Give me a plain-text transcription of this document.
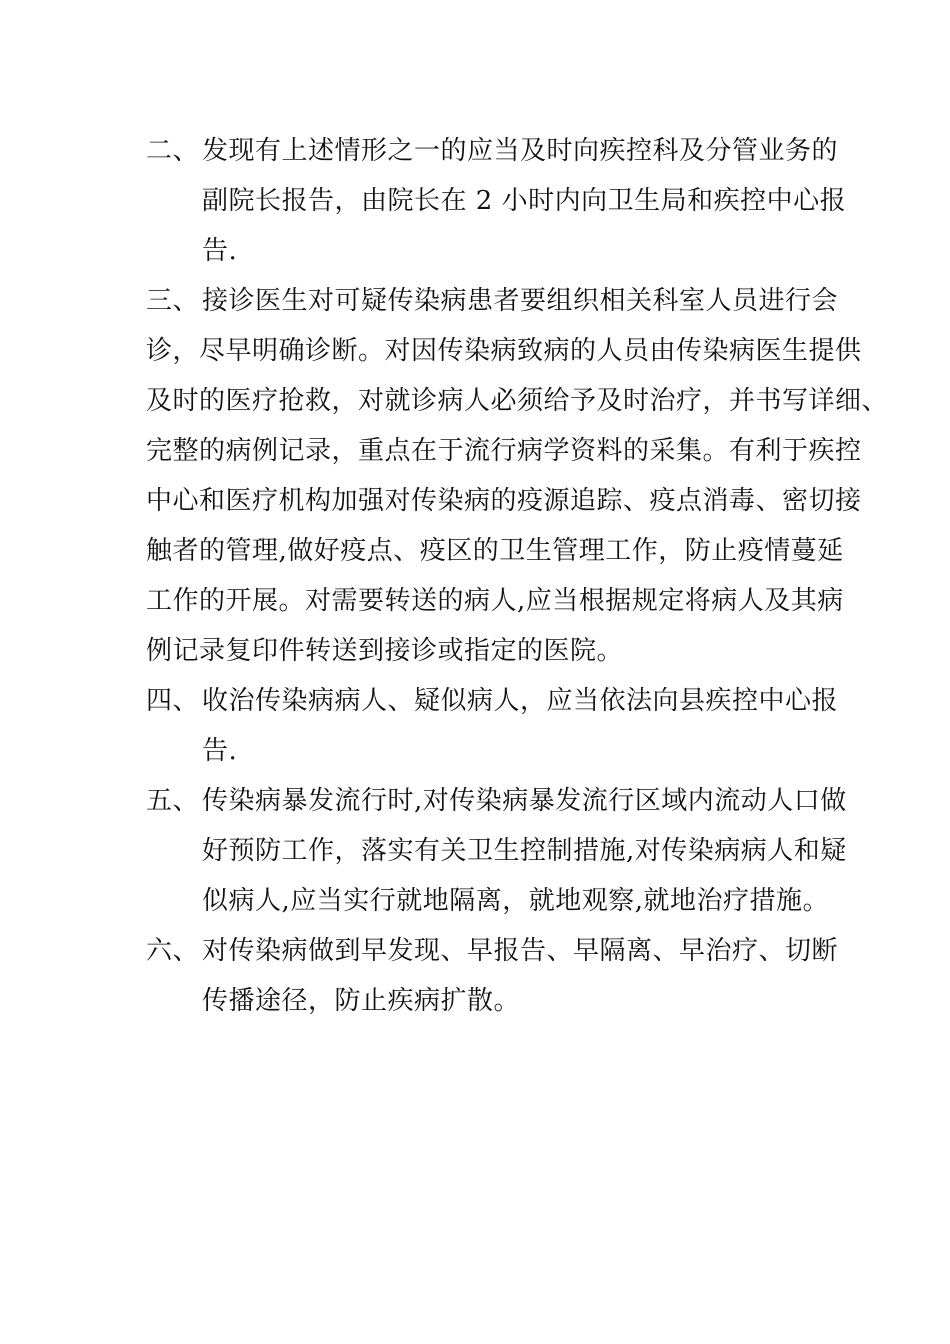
二、 发现有上述情形之一的应当及时向疾控科及分管业务的
副院长报告，由院长在 2 小时内向卫生局和疾控中心报
告.
三、 接诊医生对可疑传染病患者要组织相关科室人员进行会
诊，尽早明确诊断。对因传染病致病的人员由传染病医生提供
及时的医疗抢救，对就诊病人必须给予及时治疗，并书写详细、
完整的病例记录，重点在于流行病学资料的采集。有利于疾控
中心和医疗机构加强对传染病的疫源追踪、疫点消毒、密切接
触者的管理,做好疫点、疫区的卫生管理工作，防止疫情蔓延
工作的开展。对需要转送的病人,应当根据规定将病人及其病
例记录复印件转送到接诊或指定的医院。
四、 收治传染病病人、疑似病人，应当依法向县疾控中心报
告.
五、 传染病暴发流行时,对传染病暴发流行区域内流动人口做
好预防工作，落实有关卫生控制措施,对传染病病人和疑
似病人,应当实行就地隔离，就地观察,就地治疗措施。
六、 对传染病做到早发现、早报告、早隔离、早治疗、切断
传播途径，防止疾病扩散。
